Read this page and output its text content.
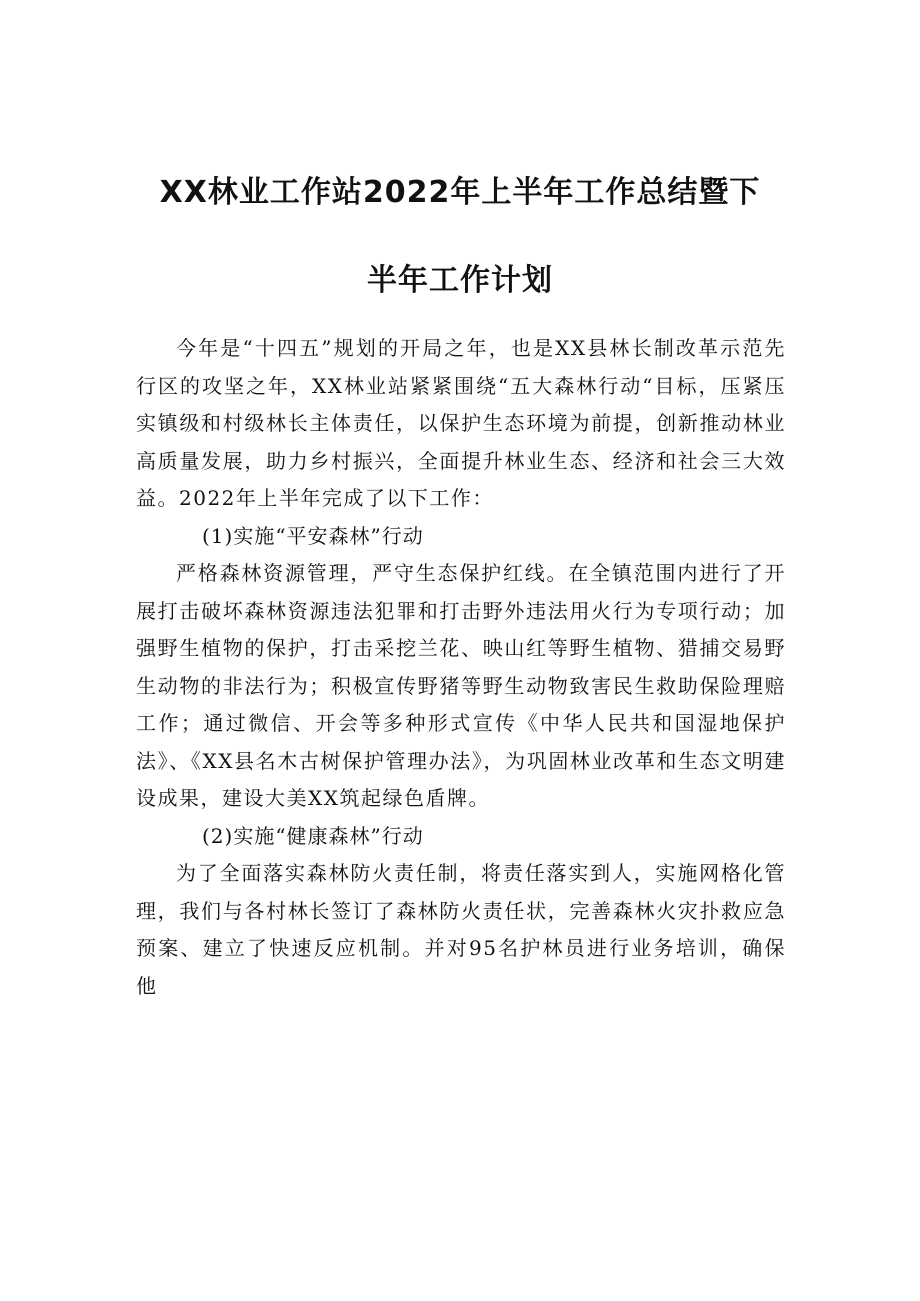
XX林业工作站2022年上半年工作总结暨下
半年工作计划

今年是“十四五”规划的开局之年，也是XX县林长制改革示范先行区的攻坚之年，XX林业站紧紧围绕“五大森林行动“目标，压紧压实镇级和村级林长主体责任，以保护生态环境为前提，创新推动林业高质量发展，助力乡村振兴，全面提升林业生态、经济和社会三大效益。2022年上半年完成了以下工作：

(1)实施“平安森林”行动

严格森林资源管理，严守生态保护红线。在全镇范围内进行了开展打击破坏森林资源违法犯罪和打击野外违法用火行为专项行动；加强野生植物的保护，打击采挖兰花、映山红等野生植物、猎捕交易野生动物的非法行为；积极宣传野猪等野生动物致害民生救助保险理赔工作；通过微信、开会等多种形式宣传《中华人民共和国湿地保护法》、《XX县名木古树保护管理办法》，为巩固林业改革和生态文明建设成果，建设大美XX筑起绿色盾牌。

(2)实施“健康森林”行动

为了全面落实森林防火责任制，将责任落实到人，实施网格化管理，我们与各村林长签订了森林防火责任状，完善森林火灾扑救应急预案、建立了快速反应机制。并对95名护林员进行业务培训，确保他
